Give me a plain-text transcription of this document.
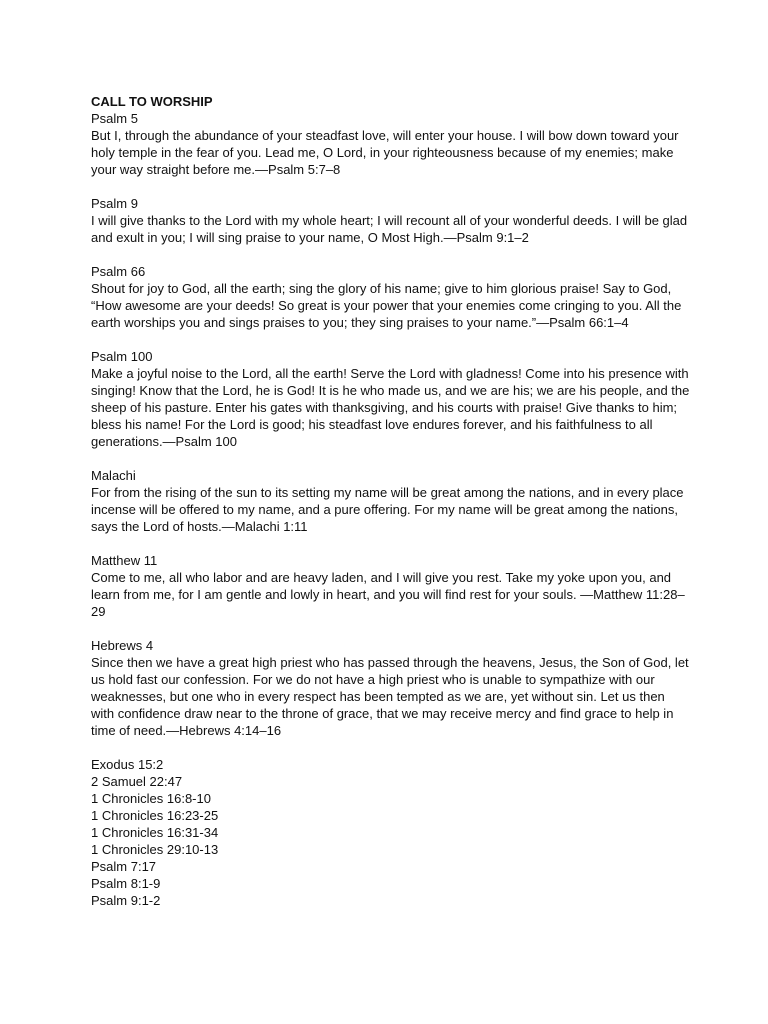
CALL TO WORSHIP
Psalm 5
But I, through the abundance of your steadfast love, will enter your house. I will bow down toward your holy temple in the fear of you. Lead me, O Lord, in your righteousness because of my enemies; make your way straight before me.—Psalm 5:7–8
Psalm 9
I will give thanks to the Lord with my whole heart; I will recount all of your wonderful deeds. I will be glad and exult in you; I will sing praise to your name, O Most High.—Psalm 9:1–2
Psalm 66
Shout for joy to God, all the earth; sing the glory of his name; give to him glorious praise! Say to God, “How awesome are your deeds! So great is your power that your enemies come cringing to you. All the earth worships you and sings praises to you; they sing praises to your name.”—Psalm 66:1–4
Psalm 100
Make a joyful noise to the Lord, all the earth! Serve the Lord with gladness! Come into his presence with singing! Know that the Lord, he is God! It is he who made us, and we are his; we are his people, and the sheep of his pasture. Enter his gates with thanksgiving, and his courts with praise! Give thanks to him; bless his name! For the Lord is good; his steadfast love endures forever, and his faithfulness to all generations.—Psalm 100
Malachi
For from the rising of the sun to its setting my name will be great among the nations, and in every place incense will be offered to my name, and a pure offering. For my name will be great among the nations, says the Lord of hosts.—Malachi 1:11
Matthew 11
Come to me, all who labor and are heavy laden, and I will give you rest. Take my yoke upon you, and learn from me, for I am gentle and lowly in heart, and you will find rest for your souls. —Matthew 11:28–29
Hebrews 4
Since then we have a great high priest who has passed through the heavens, Jesus, the Son of God, let us hold fast our confession. For we do not have a high priest who is unable to sympathize with our weaknesses, but one who in every respect has been tempted as we are, yet without sin. Let us then with confidence draw near to the throne of grace, that we may receive mercy and find grace to help in time of need.—Hebrews 4:14–16
Exodus 15:2
2 Samuel 22:47
1 Chronicles 16:8-10
1 Chronicles 16:23-25
1 Chronicles 16:31-34
1 Chronicles 29:10-13
Psalm 7:17
Psalm 8:1-9
Psalm 9:1-2
